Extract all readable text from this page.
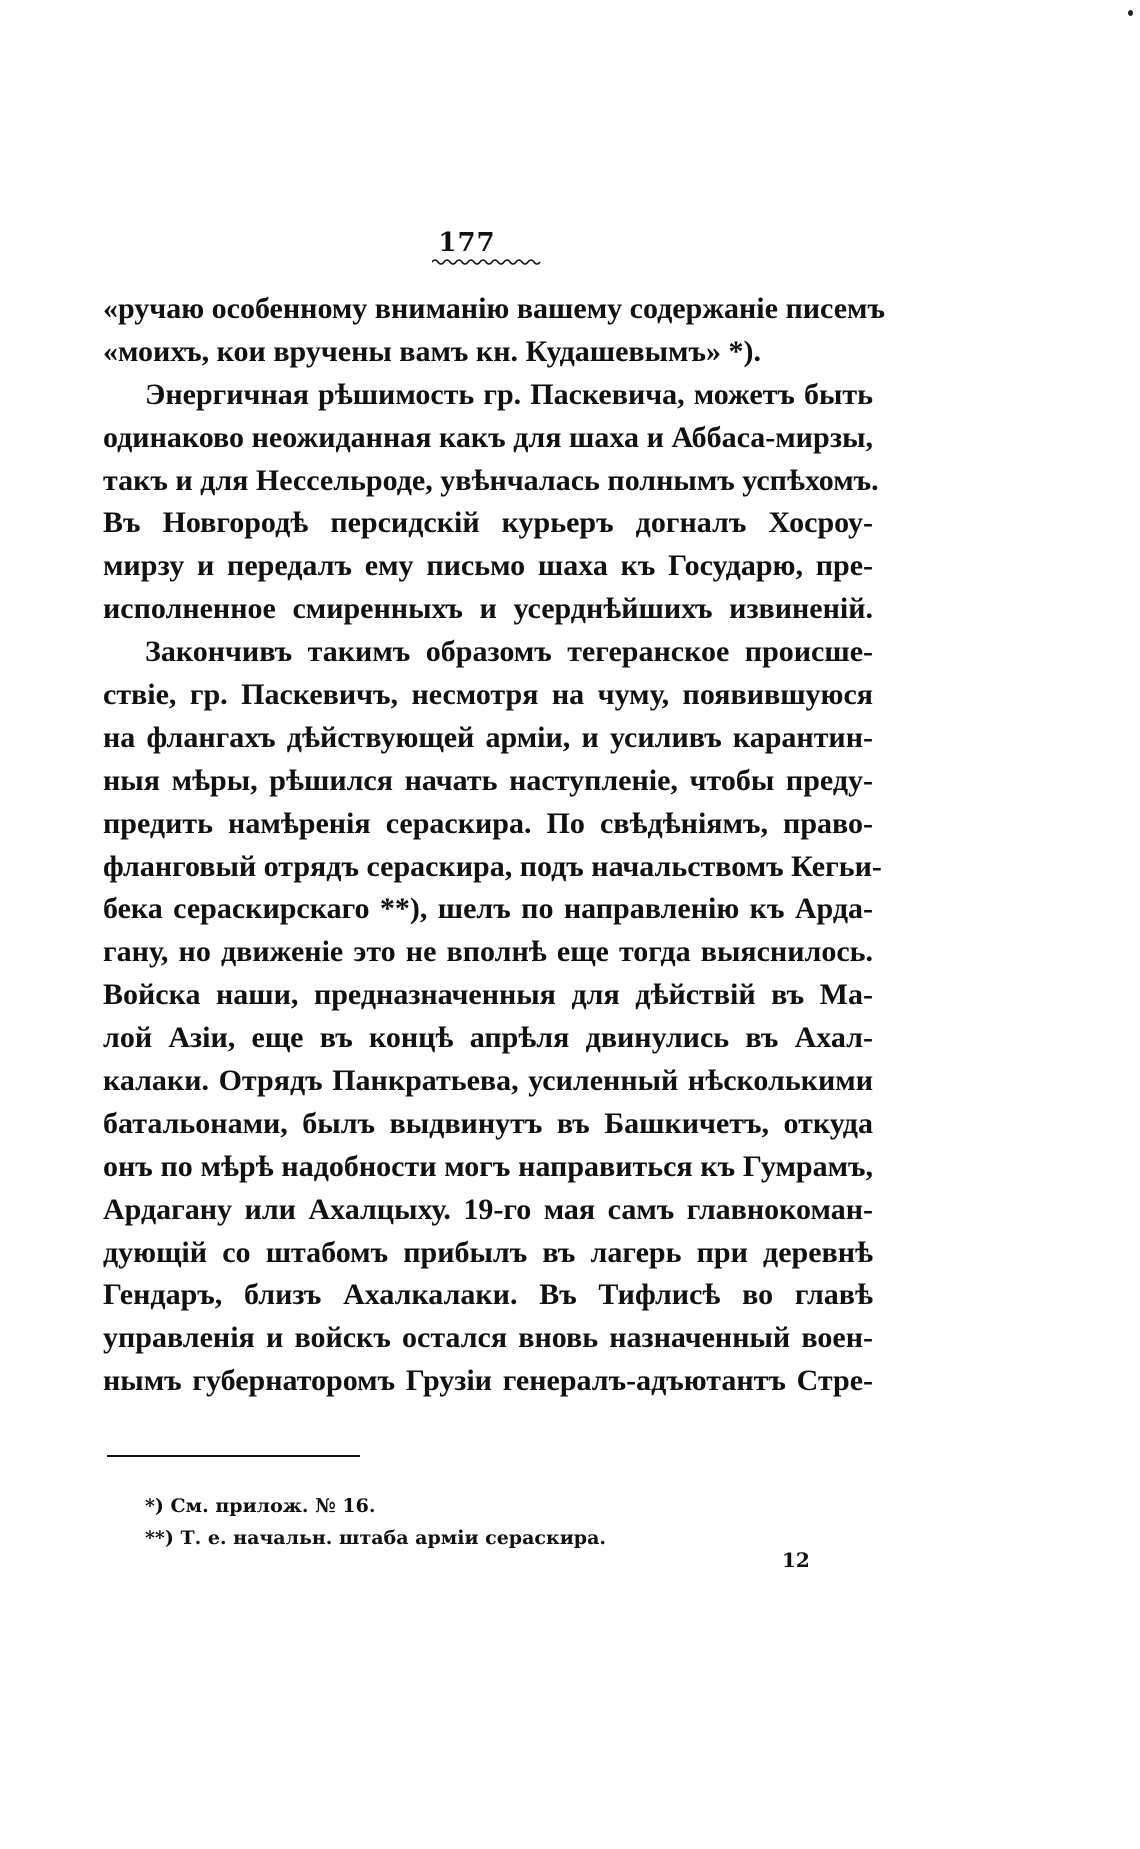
177
«ручаю особенному вниманію вашему содержаніе писемъ
«моихъ, кои вручены вамъ кн. Кудашевымъ» *).
Энергичная рѣшимость гр. Паскевича, можетъ быть
одинаково неожиданная какъ для шаха и Аббаса-мирзы,
такъ и для Нессельроде, увѣнчалась полнымъ успѣхомъ.
Въ Новгородѣ персидскій курьеръ догналъ Хосроу-
мирзу и передалъ ему письмо шаха къ Государю, пре-
исполненное смиренныхъ и усерднѣйшихъ извиненій.
Закончивъ такимъ образомъ тегеранское происше-
ствіе, гр. Паскевичъ, несмотря на чуму, появившуюся
на флангахъ дѣйствующей арміи, и усиливъ карантин-
ныя мѣры, рѣшился начать наступленіе, чтобы преду-
предить намѣренія сераскира. По свѣдѣніямъ, право-
фланговый отрядъ сераскира, подъ начальствомъ Кегьи-
бека сераскирскаго **), шелъ по направленію къ Арда-
гану, но движеніе это не вполнѣ еще тогда выяснилось.
Войска наши, предназначенныя для дѣйствій въ Ма-
лой Азіи, еще въ концѣ апрѣля двинулись въ Ахал-
калаки. Отрядъ Панкратьева, усиленный нѣсколькими
батальонами, былъ выдвинутъ въ Башкичетъ, откуда
онъ по мѣрѣ надобности могъ направиться къ Гумрамъ,
Ардагану или Ахалцыху. 19-го мая самъ главнокоман-
дующій со штабомъ прибылъ въ лагерь при деревнѣ
Гендаръ, близъ Ахалкалаки. Въ Тифлисѣ во главѣ
управленія и войскъ остался вновь назначенный воен-
нымъ губернаторомъ Грузіи генералъ-адъютантъ Стре-
*) См. прилож. № 16.
**) Т. е. начальн. штаба арміи сераскира.
12
